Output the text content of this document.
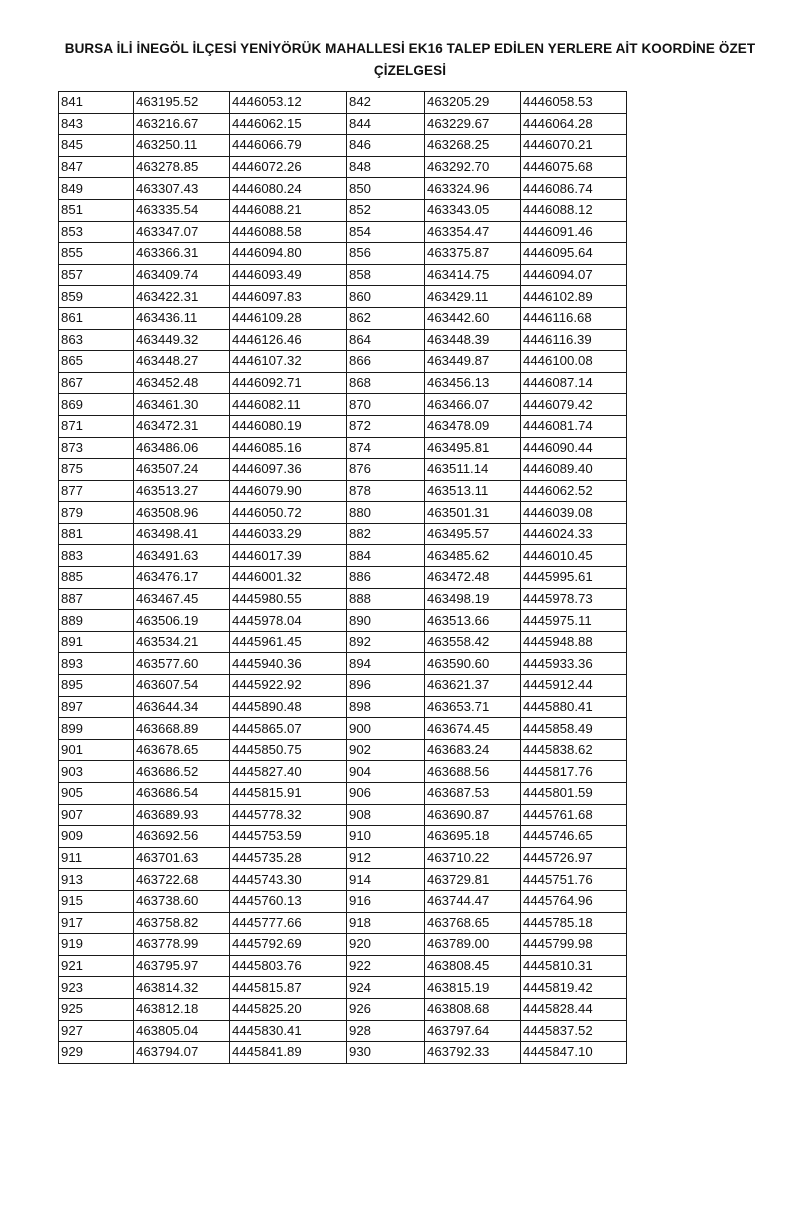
BURSA İLİ İNEGÖL İLÇESİ YENİYÖRÜK MAHALLESİ EK16 TALEP EDİLEN YERLERE AİT KOORDİNE ÖZET
ÇİZELGESİ
841	463195.52	4446053.12	842	463205.29	4446058.53
843	463216.67	4446062.15	844	463229.67	4446064.28
845	463250.11	4446066.79	846	463268.25	4446070.21
847	463278.85	4446072.26	848	463292.70	4446075.68
849	463307.43	4446080.24	850	463324.96	4446086.74
851	463335.54	4446088.21	852	463343.05	4446088.12
853	463347.07	4446088.58	854	463354.47	4446091.46
855	463366.31	4446094.80	856	463375.87	4446095.64
857	463409.74	4446093.49	858	463414.75	4446094.07
859	463422.31	4446097.83	860	463429.11	4446102.89
861	463436.11	4446109.28	862	463442.60	4446116.68
863	463449.32	4446126.46	864	463448.39	4446116.39
865	463448.27	4446107.32	866	463449.87	4446100.08
867	463452.48	4446092.71	868	463456.13	4446087.14
869	463461.30	4446082.11	870	463466.07	4446079.42
871	463472.31	4446080.19	872	463478.09	4446081.74
873	463486.06	4446085.16	874	463495.81	4446090.44
875	463507.24	4446097.36	876	463511.14	4446089.40
877	463513.27	4446079.90	878	463513.11	4446062.52
879	463508.96	4446050.72	880	463501.31	4446039.08
881	463498.41	4446033.29	882	463495.57	4446024.33
883	463491.63	4446017.39	884	463485.62	4446010.45
885	463476.17	4446001.32	886	463472.48	4445995.61
887	463467.45	4445980.55	888	463498.19	4445978.73
889	463506.19	4445978.04	890	463513.66	4445975.11
891	463534.21	4445961.45	892	463558.42	4445948.88
893	463577.60	4445940.36	894	463590.60	4445933.36
895	463607.54	4445922.92	896	463621.37	4445912.44
897	463644.34	4445890.48	898	463653.71	4445880.41
899	463668.89	4445865.07	900	463674.45	4445858.49
901	463678.65	4445850.75	902	463683.24	4445838.62
903	463686.52	4445827.40	904	463688.56	4445817.76
905	463686.54	4445815.91	906	463687.53	4445801.59
907	463689.93	4445778.32	908	463690.87	4445761.68
909	463692.56	4445753.59	910	463695.18	4445746.65
911	463701.63	4445735.28	912	463710.22	4445726.97
913	463722.68	4445743.30	914	463729.81	4445751.76
915	463738.60	4445760.13	916	463744.47	4445764.96
917	463758.82	4445777.66	918	463768.65	4445785.18
919	463778.99	4445792.69	920	463789.00	4445799.98
921	463795.97	4445803.76	922	463808.45	4445810.31
923	463814.32	4445815.87	924	463815.19	4445819.42
925	463812.18	4445825.20	926	463808.68	4445828.44
927	463805.04	4445830.41	928	463797.64	4445837.52
929	463794.07	4445841.89	930	463792.33	4445847.10
